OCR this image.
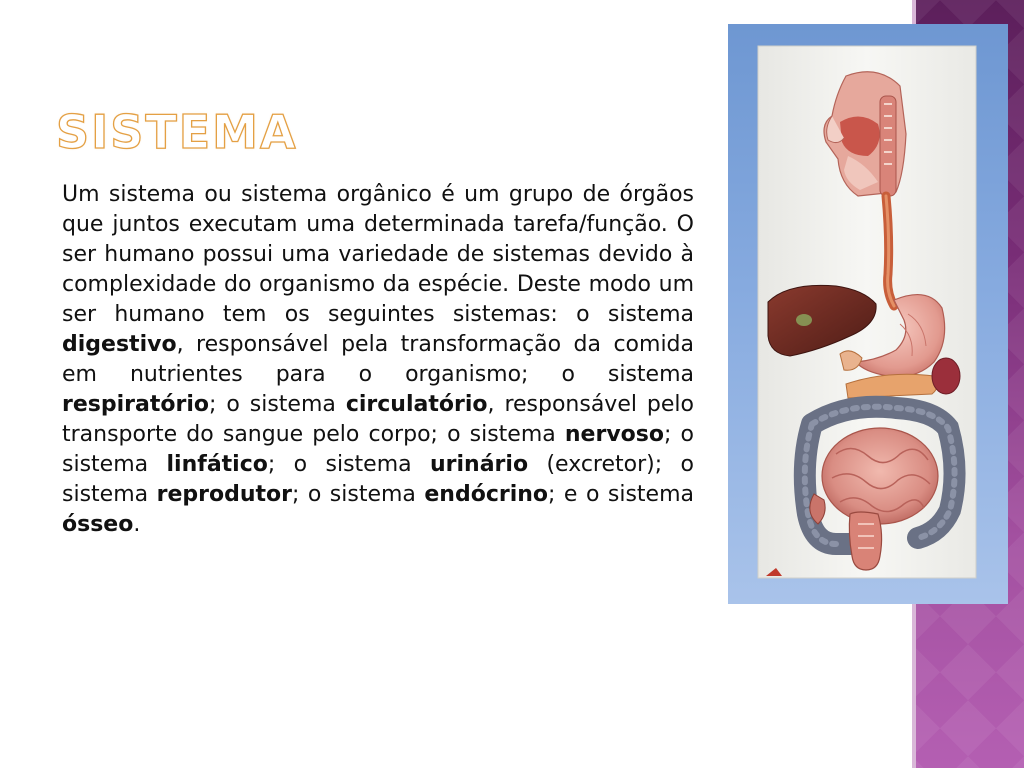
SISTEMA

Um sistema ou sistema orgânico é um grupo de órgãos que juntos executam uma determinada tarefa/função. O ser humano possui uma variedade de sistemas devido à complexidade do organismo da espécie. Deste modo um ser humano tem os seguintes sistemas: o sistema digestivo, responsável pela transformação da comida em nutrientes para o organismo; o sistema respiratório; o sistema circulatório, responsável pelo transporte do sangue pelo corpo; o sistema nervoso; o sistema linfático; o sistema urinário (excretor); o sistema reprodutor; o sistema endócrino; e o sistema ósseo.
